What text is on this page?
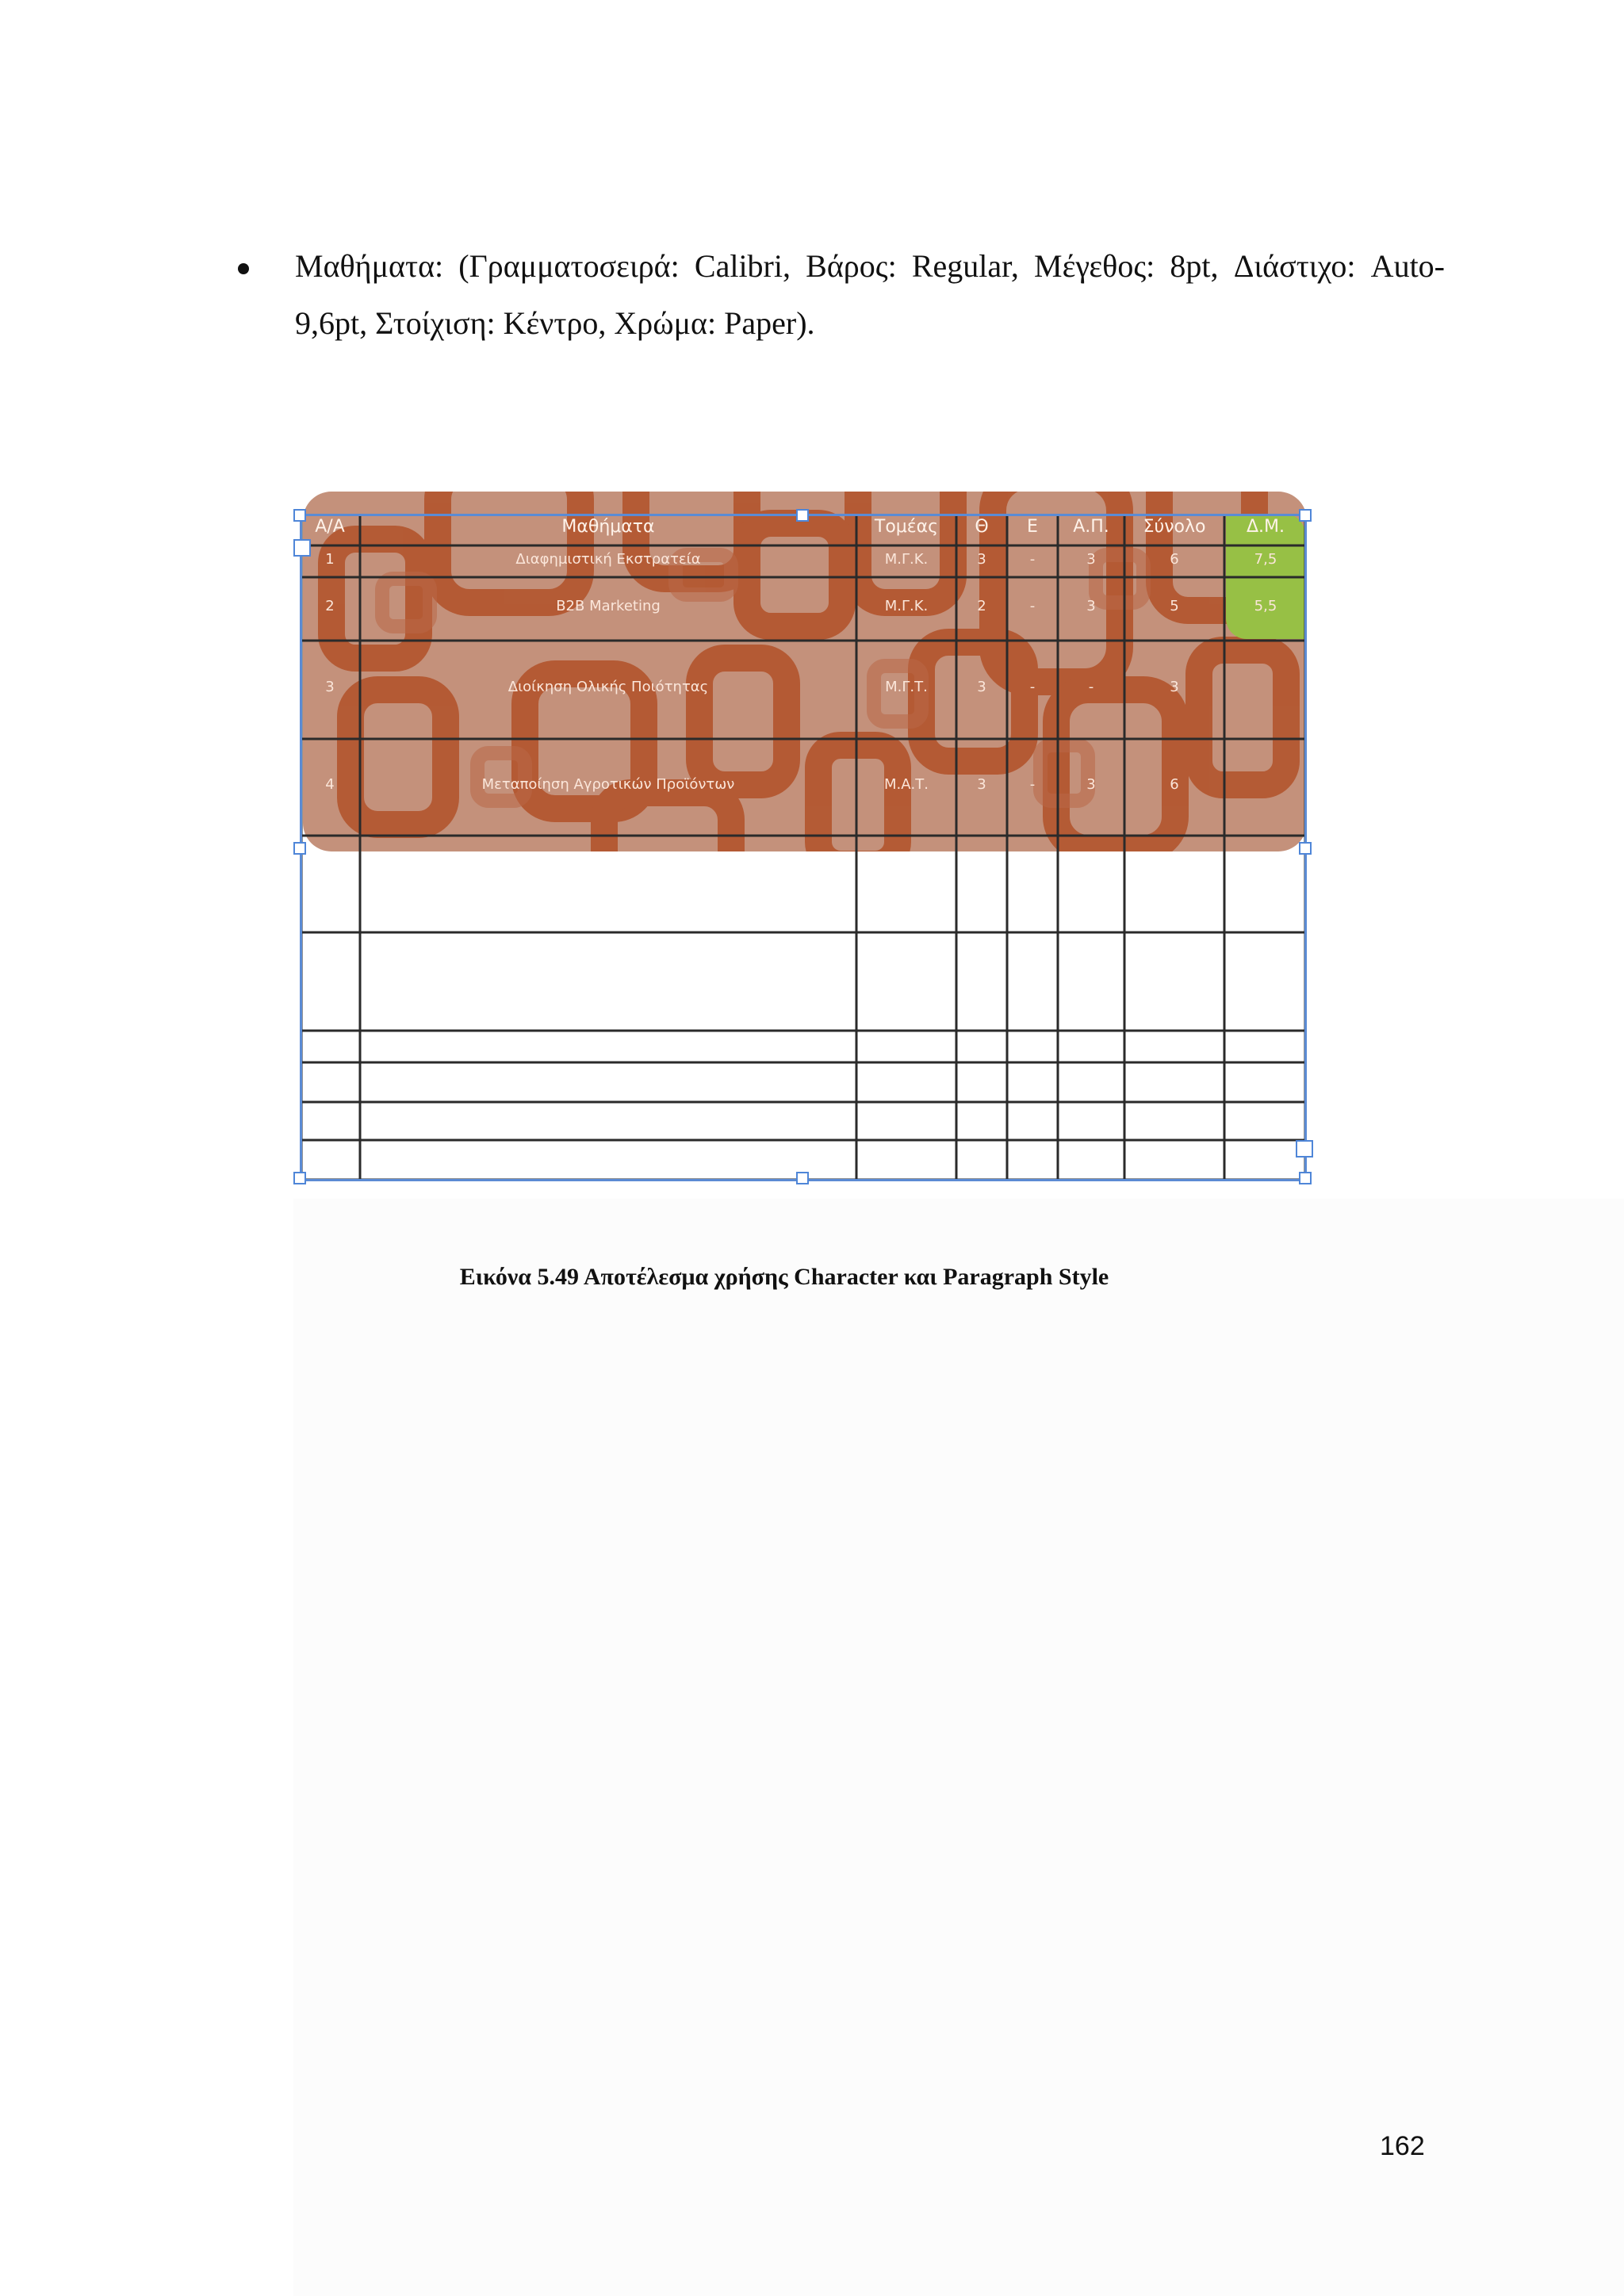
Μαθήματα: (Γραμματοσειρά: Calibri, Βάρος: Regular, Μέγεθος: 8pt, Διάστιχο: Auto-9,6pt, Στοίχιση: Κέντρο, Χρώμα: Paper).
Α/Α	Μαθήματα	Τομέας	Θ	Ε	Α.Π.	Σύνολο	Δ.Μ.
1	Διαφημιστική Εκστρατεία	Μ.Γ.Κ.	3	-	3	6	7,5
2	B2B Marketing	Μ.Γ.Κ.	2	-	3	5	5,5
3	Διοίκηση Ολικής Ποιότητας	Μ.Γ.Τ.	3	-	-	3
4	Μεταποίηση Αγροτικών Προϊόντων	Μ.Α.Τ.	3	-	3	6
Εικόνα 5.49 Αποτέλεσμα χρήσης Character και Paragraph Style
162
